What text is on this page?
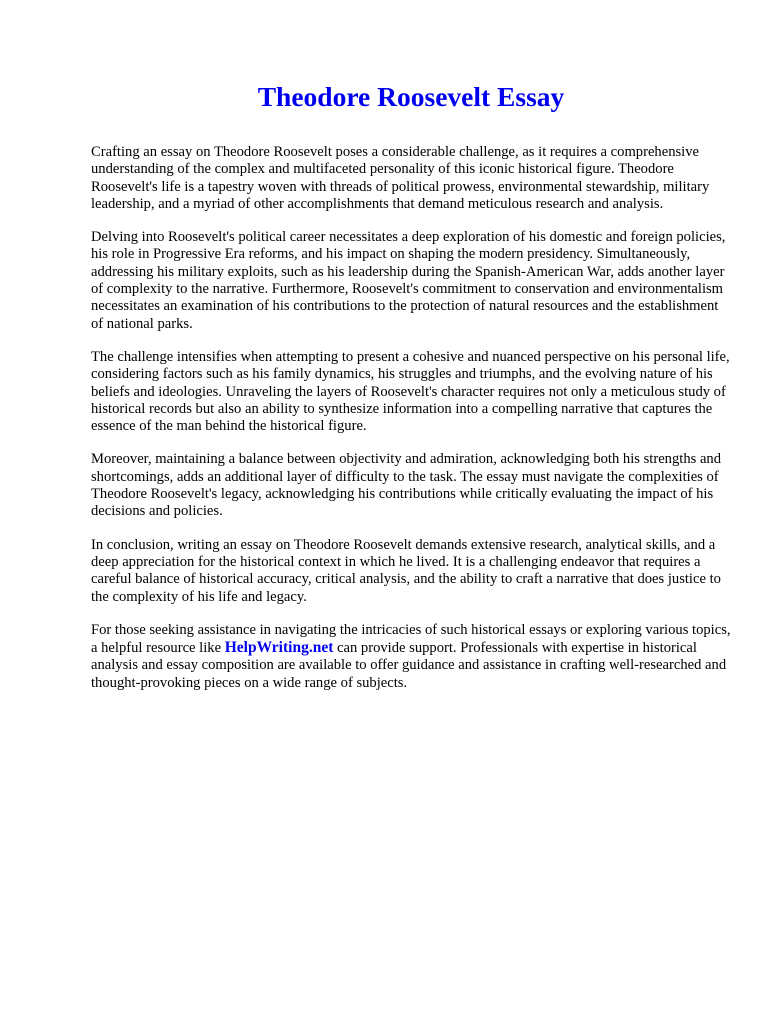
Theodore Roosevelt Essay

Crafting an essay on Theodore Roosevelt poses a considerable challenge, as it requires a comprehensive understanding of the complex and multifaceted personality of this iconic historical figure. Theodore Roosevelt's life is a tapestry woven with threads of political prowess, environmental stewardship, military leadership, and a myriad of other accomplishments that demand meticulous research and analysis.

Delving into Roosevelt's political career necessitates a deep exploration of his domestic and foreign policies, his role in Progressive Era reforms, and his impact on shaping the modern presidency. Simultaneously, addressing his military exploits, such as his leadership during the Spanish-American War, adds another layer of complexity to the narrative. Furthermore, Roosevelt's commitment to conservation and environmentalism necessitates an examination of his contributions to the protection of natural resources and the establishment of national parks.

The challenge intensifies when attempting to present a cohesive and nuanced perspective on his personal life, considering factors such as his family dynamics, his struggles and triumphs, and the evolving nature of his beliefs and ideologies. Unraveling the layers of Roosevelt's character requires not only a meticulous study of historical records but also an ability to synthesize information into a compelling narrative that captures the essence of the man behind the historical figure.

Moreover, maintaining a balance between objectivity and admiration, acknowledging both his strengths and shortcomings, adds an additional layer of difficulty to the task. The essay must navigate the complexities of Theodore Roosevelt's legacy, acknowledging his contributions while critically evaluating the impact of his decisions and policies.

In conclusion, writing an essay on Theodore Roosevelt demands extensive research, analytical skills, and a deep appreciation for the historical context in which he lived. It is a challenging endeavor that requires a careful balance of historical accuracy, critical analysis, and the ability to craft a narrative that does justice to the complexity of his life and legacy.

For those seeking assistance in navigating the intricacies of such historical essays or exploring various topics, a helpful resource like HelpWriting.net can provide support. Professionals with expertise in historical analysis and essay composition are available to offer guidance and assistance in crafting well-researched and thought-provoking pieces on a wide range of subjects.
